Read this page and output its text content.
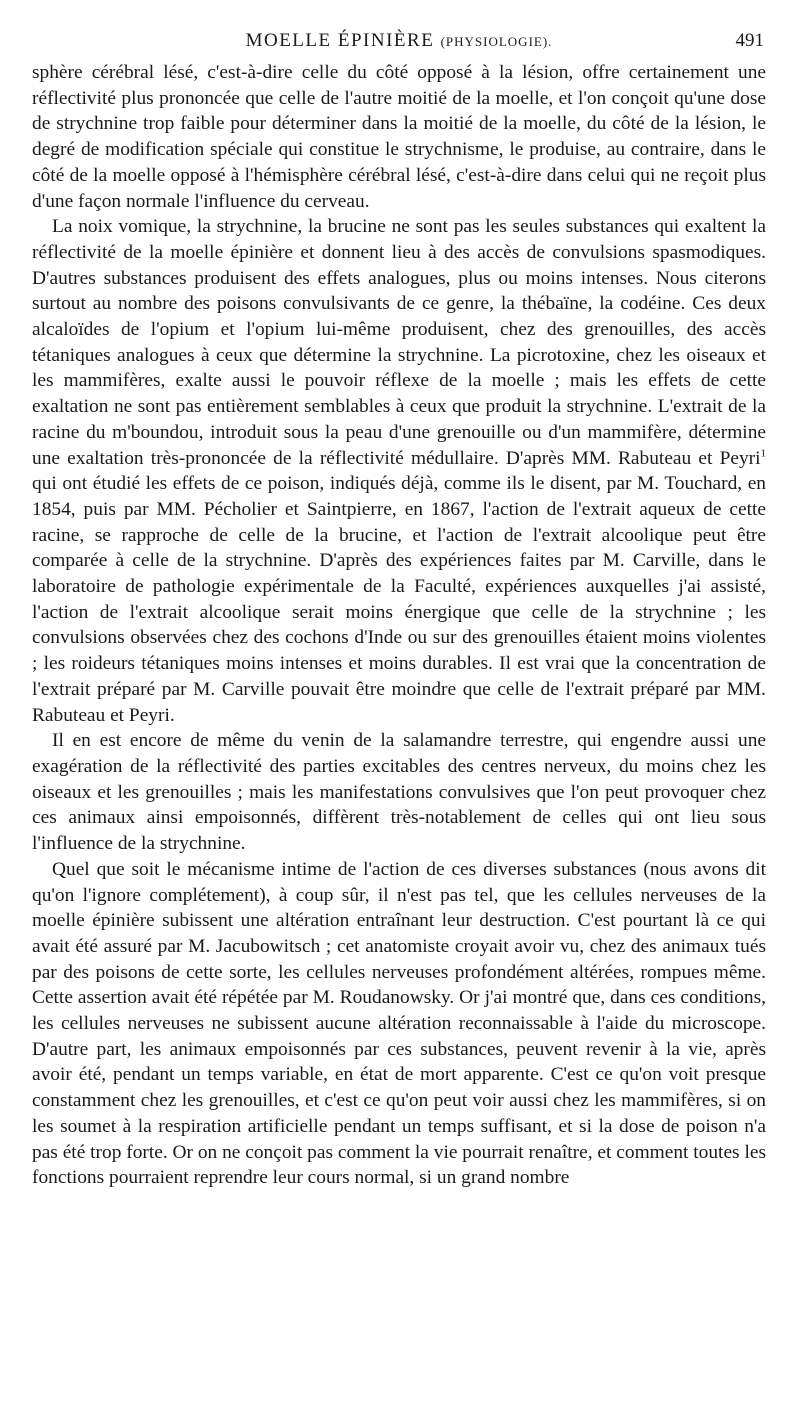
MOELLE ÉPINIÈRE (PHYSIOLOGIE).	491

sphère cérébral lésé, c'est-à-dire celle du côté opposé à la lésion, offre certainement une réflectivité plus prononcée que celle de l'autre moitié de la moelle, et l'on conçoit qu'une dose de strychnine trop faible pour déterminer dans la moitié de la moelle, du côté de la lésion, le degré de modification spéciale qui constitue le strychnisme, le produise, au contraire, dans le côté de la moelle opposé à l'hémisphère cérébral lésé, c'est-à-dire dans celui qui ne reçoit plus d'une façon normale l'influence du cerveau.

La noix vomique, la strychnine, la brucine ne sont pas les seules substances qui exaltent la réflectivité de la moelle épinière et donnent lieu à des accès de convulsions spasmodiques. D'autres substances produisent des effets analogues, plus ou moins intenses. Nous citerons surtout au nombre des poisons convulsivants de ce genre, la thébaïne, la codéine. Ces deux alcaloïdes de l'opium et l'opium lui-même produisent, chez des grenouilles, des accès tétaniques analogues à ceux que détermine la strychnine. La picrotoxine, chez les oiseaux et les mammifères, exalte aussi le pouvoir réflexe de la moelle ; mais les effets de cette exaltation ne sont pas entièrement semblables à ceux que produit la strychnine. L'extrait de la racine du m'boundou, introduit sous la peau d'une grenouille ou d'un mammifère, détermine une exaltation très-prononcée de la réflectivité médullaire. D'après MM. Rabuteau et Peyri$^1$ qui ont étudié les effets de ce poison, indiqués déjà, comme ils le disent, par M. Touchard, en 1854, puis par MM. Pécholier et Saintpierre, en 1867, l'action de l'extrait aqueux de cette racine, se rapproche de celle de la brucine, et l'action de l'extrait alcoolique peut être comparée à celle de la strychnine. D'après des expériences faites par M. Carville, dans le laboratoire de pathologie expérimentale de la Faculté, expériences auxquelles j'ai assisté, l'action de l'extrait alcoolique serait moins énergique que celle de la strychnine ; les convulsions observées chez des cochons d'Inde ou sur des grenouilles étaient moins violentes ; les roideurs tétaniques moins intenses et moins durables. Il est vrai que la concentration de l'extrait préparé par M. Carville pouvait être moindre que celle de l'extrait préparé par MM. Rabuteau et Peyri.

Il en est encore de même du venin de la salamandre terrestre, qui engendre aussi une exagération de la réflectivité des parties excitables des centres nerveux, du moins chez les oiseaux et les grenouilles ; mais les manifestations convulsives que l'on peut provoquer chez ces animaux ainsi empoisonnés, diffèrent très-notablement de celles qui ont lieu sous l'influence de la strychnine.

Quel que soit le mécanisme intime de l'action de ces diverses substances (nous avons dit qu'on l'ignore complétement), à coup sûr, il n'est pas tel, que les cellules nerveuses de la moelle épinière subissent une altération entraînant leur destruction. C'est pourtant là ce qui avait été assuré par M. Jacubowitsch ; cet anatomiste croyait avoir vu, chez des animaux tués par des poisons de cette sorte, les cellules nerveuses profondément altérées, rompues même. Cette assertion avait été répétée par M. Roudanowsky. Or j'ai montré que, dans ces conditions, les cellules nerveuses ne subissent aucune altération reconnaissable à l'aide du microscope. D'autre part, les animaux empoisonnés par ces substances, peuvent revenir à la vie, après avoir été, pendant un temps variable, en état de mort apparente. C'est ce qu'on voit presque constamment chez les grenouilles, et c'est ce qu'on peut voir aussi chez les mammifères, si on les soumet à la respiration artificielle pendant un temps suffisant, et si la dose de poison n'a pas été trop forte. Or on ne conçoit pas comment la vie pourrait renaître, et comment toutes les fonctions pourraient reprendre leur cours normal, si un grand nombre
